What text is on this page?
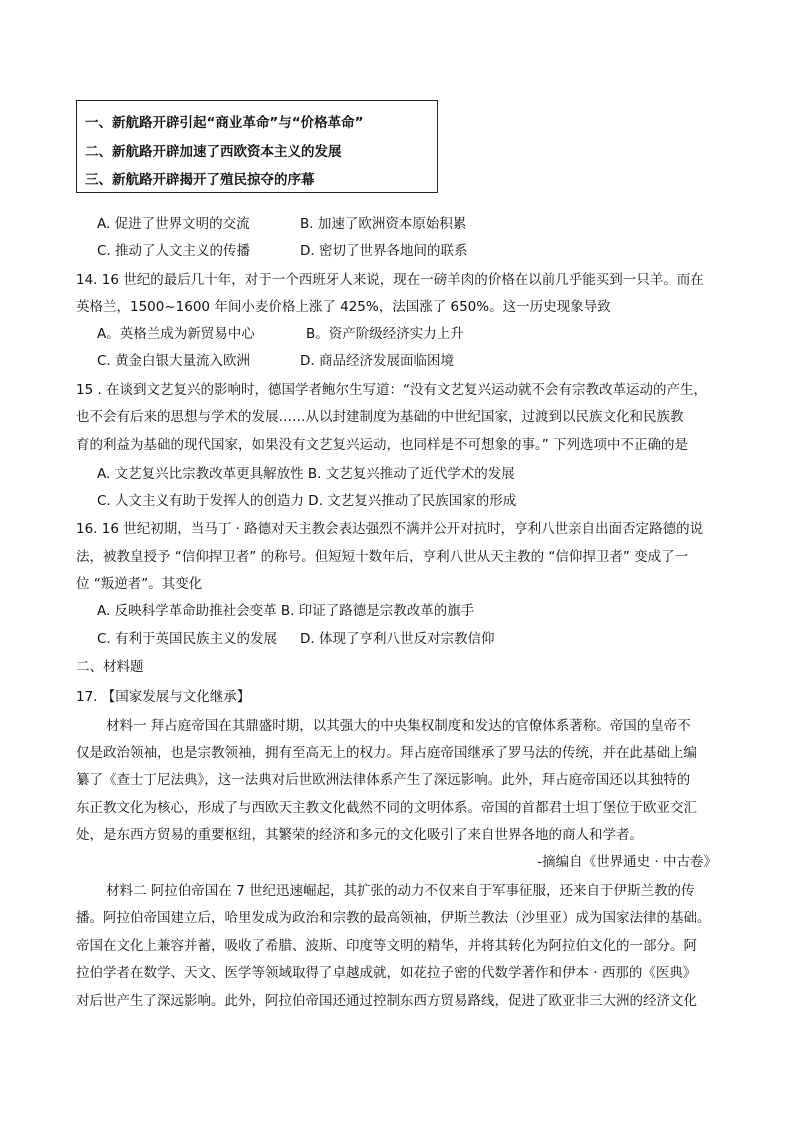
一、新航路开辟引起“商业革命”与“价格革命”
二、新航路开辟加速了西欧资本主义的发展
三、新航路开辟揭开了殖民掠夺的序幕
A. 促进了世界文明的交流	B. 加速了欧洲资本原始积累
C. 推动了人文主义的传播	D. 密切了世界各地间的联系
14. 16 世纪的最后几十年，对于一个西班牙人来说，现在一磅羊肉的价格在以前几乎能买到一只羊。而在
英格兰，1500~1600 年间小麦价格上涨了 425%，法国涨了 650%。这一历史现象导致
A。英格兰成为新贸易中心	B。资产阶级经济实力上升
C. 黄金白银大量流入欧洲	D. 商品经济发展面临困境
15 . 在谈到文艺复兴的影响时，德国学者鲍尔生写道：“没有文艺复兴运动就不会有宗教改革运动的产生，
也不会有后来的思想与学术的发展……从以封建制度为基础的中世纪国家，过渡到以民族文化和民族教
育的利益为基础的现代国家，如果没有文艺复兴运动，也同样是不可想象的事。” 下列选项中不正确的是
A. 文艺复兴比宗教改革更具解放性 B. 文艺复兴推动了近代学术的发展
C. 人文主义有助于发挥人的创造力 D. 文艺复兴推动了民族国家的形成
16. 16 世纪初期，当马丁 · 路德对天主教会表达强烈不满并公开对抗时，亨利八世亲自出面否定路德的说
法，被教皇授予 “信仰捍卫者” 的称号。但短短十数年后，亨利八世从天主教的 “信仰捍卫者” 变成了一
位 “叛逆者”。其变化
A. 反映科学革命助推社会变革 B. 印证了路德是宗教改革的旗手
C. 有利于英国民族主义的发展 D. 体现了亨利八世反对宗教信仰
二、材料题
17. 【国家发展与文化继承】
材料一 拜占庭帝国在其鼎盛时期，以其强大的中央集权制度和发达的官僚体系著称。帝国的皇帝不
仅是政治领袖，也是宗教领袖，拥有至高无上的权力。拜占庭帝国继承了罗马法的传统，并在此基础上编
纂了《查士丁尼法典》，这一法典对后世欧洲法律体系产生了深远影响。此外，拜占庭帝国还以其独特的
东正教文化为核心，形成了与西欧天主教文化截然不同的文明体系。帝国的首都君士坦丁堡位于欧亚交汇
处，是东西方贸易的重要枢纽，其繁荣的经济和多元的文化吸引了来自世界各地的商人和学者。
-摘编自《世界通史 · 中古卷》
材料二 阿拉伯帝国在 7 世纪迅速崛起，其扩张的动力不仅来自于军事征服，还来自于伊斯兰教的传
播。阿拉伯帝国建立后，哈里发成为政治和宗教的最高领袖，伊斯兰教法（沙里亚）成为国家法律的基础。
帝国在文化上兼容并蓄，吸收了希腊、波斯、印度等文明的精华，并将其转化为阿拉伯文化的一部分。阿
拉伯学者在数学、天文、医学等领域取得了卓越成就，如花拉子密的代数学著作和伊本 · 西那的《医典》
对后世产生了深远影响。此外，阿拉伯帝国还通过控制东西方贸易路线，促进了欧亚非三大洲的经济文化
